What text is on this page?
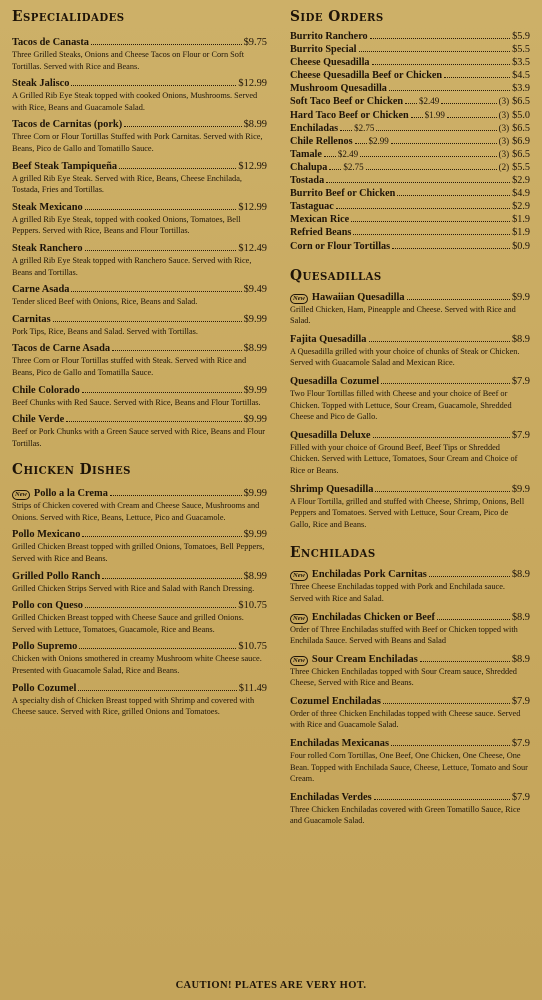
Especialidades
Tacos de Canasta	$9.75

Three Grilled Steaks, Onions and Cheese Tacos on Flour or Corn Soft Tortillas. Served with Rice and Beans.

Steak Jalisco	$12.99

A Grilled Rib Eye Steak topped with cooked Onions, Mushrooms. Served with Rice, Beans and Guacamole Salad.

Tacos de Carnitas (pork)	$8.99

Three Corn or Flour Tortillas Stuffed with Pork Carnitas. Served with Rice, Beans, Pico de Gallo and Tomatillo Sauce.

Beef Steak Tampiqueña	$12.99

A grilled Rib Eye Steak. Served with Rice, Beans, Cheese Enchilada, Tostada, Fries and Tortillas.

Steak Mexicano	$12.99

A grilled Rib Eye Steak, topped with cooked Onions, Tomatoes, Bell Peppers. Served with Rice, Beans and Flour Tortillas.

Steak Ranchero	$12.49

A grilled Rib Eye Steak topped with Ranchero Sauce. Served with Rice, Beans and Tortillas.

Carne Asada	$9.49

Tender sliced Beef with Onions, Rice, Beans and Salad.

Carnitas	$9.99

Pork Tips, Rice, Beans and Salad. Served with Tortillas.

Tacos de Carne Asada	$8.99

Three Corn or Flour Tortillas stuffed with Steak. Served with Rice and Beans, Pico de Gallo and Tomatilla Sauce.

Chile Colorado	$9.99

Beef Chunks with Red Sauce. Served with Rice, Beans and Flour Tortillas.

Chile Verde	$9.99

Beef or Pork Chunks with a Green Sauce served with Rice, Beans and Flour Tortillas.

Chicken Dishes
New Pollo a la Crema	$9.99

Strips of Chicken covered with Cream and Cheese Sauce, Mushrooms and Onions. Served with Rice, Beans, Lettuce, Pico and Guacamole.

Pollo Mexicano	$9.99

Grilled Chicken Breast topped with grilled Onions, Tomatoes, Bell Peppers, Served with Rice and Beans.

Grilled Pollo Ranch	$8.99

Grilled Chicken Strips Served with Rice and Salad with Ranch Dressing.

Pollo con Queso	$10.75

Grilled Chicken Breast topped with Cheese Sauce and grilled Onions. Served with Lettuce, Tomatoes, Guacamole, Rice and Beans.

Pollo Supremo	$10.75

Chicken with Onions smothered in creamy Mushroom white Cheese sauce. Presented with Guacamole Salad, Rice and Beans.

Pollo Cozumel	$11.49

A specialty dish of Chicken Breast topped with Shrimp and covered with Cheese sauce. Served with Rice, grilled Onions and Tomatoes.

Side Orders
Burrito Ranchero	$5.9
Burrito Special	$5.5
Cheese Quesadilla	$3.5
Cheese Quesadilla Beef or Chicken	$4.5
Mushroom Quesadilla	$3.9
Soft Taco Beef or Chicken $2.49	(3) $6.5
Hard Taco Beef or Chicken $1.99	(3) $5.0
Enchiladas $2.75	(3) $6.5
Chile Rellenos $2.99	(3) $6.9
Tamale $2.49	(3) $6.5
Chalupa $2.75	(2) $5.5
Tostada	$2.9
Burrito Beef or Chicken	$4.9
Tastaguac	$2.9
Mexican Rice	$1.9
Refried Beans	$1.9
Corn or Flour Tortillas	$0.9
Quesadillas
New Hawaiian Quesadilla	$9.9

Grilled Chicken, Ham, Pineapple and Cheese. Served with Rice and Salad.

Fajita Quesadilla	$8.9

A Quesadilla grilled with your choice of chunks of Steak or Chicken. Served with Guacamole Salad and Mexican Rice.

Quesadilla Cozumel	$7.9

Two Flour Tortillas filled with Cheese and your choice of Beef or Chicken. Topped with Lettuce, Sour Cream, Guacamole, Shredded Cheese and Pico de Gallo.

Quesadilla Deluxe	$7.9

Filled with your choice of Ground Beef, Beef Tips or Shredded Chicken. Served with Lettuce, Tomatoes, Sour Cream and Choice of Rice or Beans.

Shrimp Quesadilla	$9.9

A Flour Tortilla, grilled and stuffed with Cheese, Shrimp, Onions, Bell Peppers and Tomatoes. Served with Lettuce, Sour Cream, Pico de Gallo, Rice and Beans.

Enchiladas
New Enchiladas Pork Carnitas	$8.9

Three Cheese Enchiladas topped with Pork and Enchilada sauce. Served with Rice and Salad.

New Enchiladas Chicken or Beef	$8.9

Order of Three Enchiladas stuffed with Beef or Chicken topped with Enchilada Sauce. Served with Beans and Salad

New Sour Cream Enchiladas	$8.9

Three Chicken Enchiladas topped with Sour Cream sauce, Shredded Cheese, Served with Rice and Beans.

Cozumel Enchiladas	$7.9

Order of three Chicken Enchiladas topped with Cheese sauce. Served with Rice and Guacamole Salad.

Enchiladas Mexicanas	$7.9

Four rolled Corn Tortillas, One Beef, One Chicken, One Cheese, One Bean. Topped with Enchilada Sauce, Cheese, Lettuce, Tomato and Sour Cream.

Enchiladas Verdes	$7.9

Three Chicken Enchiladas covered with Green Tomatillo Sauce, Rice and Guacamole Salad.

CAUTION! PLATES ARE VERY HOT.
